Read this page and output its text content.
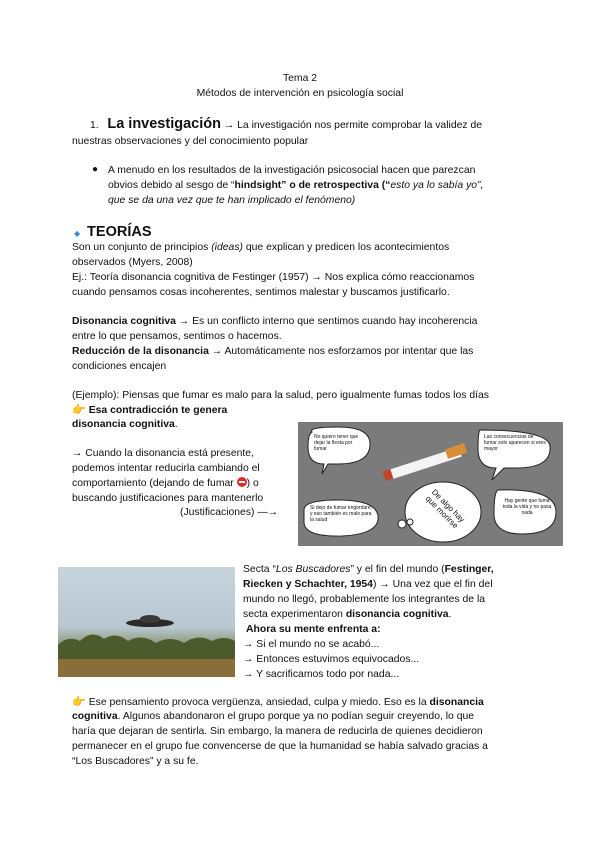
Tema 2
Métodos de intervención en psicología social
1. La investigación → La investigación nos permite comprobar la validez de
nuestras observaciones y del conocimiento popular
● A menudo en los resultados de la investigación psicosocial hacen que parezcan
obvios debido al sesgo de “hindsight” o de retrospectiva (“esto ya lo sabía yo”,
que se da una vez que te han implicado el fenómeno)
◆ TEORÍAS
Son un conjunto de principios (ideas) que explican y predicen los acontecimientos
observados (Myers, 2008)
Ej.: Teoría disonancia cognitiva de Festinger (1957) → Nos explica cómo reaccionamos
cuando pensamos cosas incoherentes, sentimos malestar y buscamos justificarlo.
Disonancia cognitiva → Es un conflicto interno que sentimos cuando hay incoherencia
entre lo que pensamos, sentimos o hacemos.
Reducción de la disonancia → Automáticamente nos esforzamos por intentar que las
condiciones encajen
(Ejemplo): Piensas que fumar es malo para la salud, pero igualmente fumas todos los días
👉 Esa contradicción te genera
disonancia cognitiva.
→ Cuando la disonancia está presente,
podemos intentar reducirla cambiando el
comportamiento (dejando de fumar
) o
buscando justificaciones para mantenerlo
(Justificaciones) —→
No quiero tener que dejar la fiesta por fumar
Las consecuencias de fumar solo aparecen si eres mayor
Si dejo de fumar engordaré, y eso también es malo para la salud	De algo hay que morirse	Hay gente que fuma toda la vida y no pasa nada
Secta “Los Buscadores” y el fin del mundo (Festinger,
Riecken y Schachter, 1954) → Una vez que el fin del
mundo no llegó, probablemente los integrantes de la
secta experimentaron disonancia cognitiva.
Ahora su mente enfrenta a:
→ Si el mundo no se acabó...
→ Entonces estuvimos equivocados...
→ Y sacrificamos todo por nada...
👉 Ese pensamiento provoca vergüenza, ansiedad, culpa y miedo. Eso es la disonancia
cognitiva. Algunos abandonaron el grupo porque ya no podían seguir creyendo, lo que
haría que dejaran de sentirla. Sin embargo, la manera de reducirla de quienes decidieron
permanecer en el grupo fue convencerse de que la humanidad se había salvado gracias a
“Los Buscadores” y a su fe.
